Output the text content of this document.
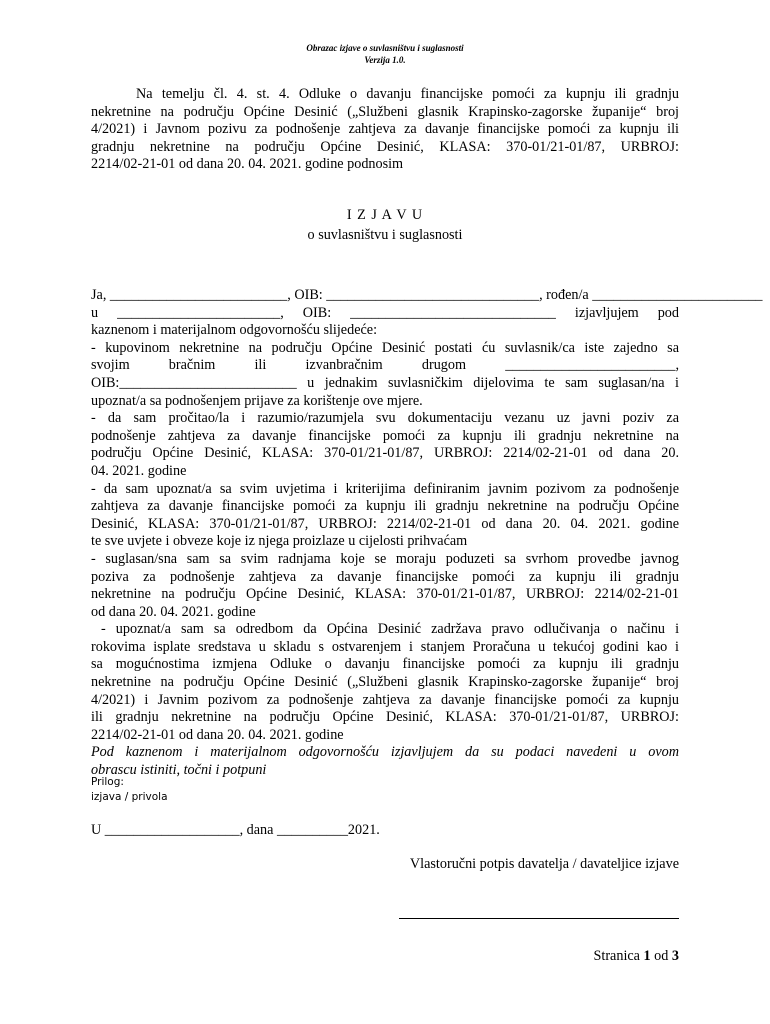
Obrazac izjave o suvlasništvu i suglasnosti
Verzija 1.0.
Na temelju čl. 4. st. 4. Odluke o davanju financijske pomoći za kupnju ili gradnju
nekretnine na području Općine Desinić („Službeni glasnik Krapinsko-zagorske županije“ broj
4/2021) i Javnom pozivu za podnošenje zahtjeva za davanje financijske pomoći za kupnju ili
gradnju nekretnine na području Općine Desinić, KLASA: 370-01/21-01/87, URBROJ:
2214/02-21-01 od dana 20. 04. 2021. godine podnosim
I Z J A V U
o suvlasništvu i suglasnosti
Ja, _________________________, OIB: ______________________________, rođen/a ________________________
u _______________________, OIB: _____________________________ izjavljujem pod
kaznenom i materijalnom odgovornošću slijedeće:
- kupovinom nekretnine na području Općine Desinić postati ću suvlasnik/ca iste zajedno sa
svojim bračnim ili izvanbračnim drugom ________________________,
OIB:_________________________ u jednakim suvlasničkim dijelovima te sam suglasan/na i
upoznat/a sa podnošenjem prijave za korištenje ove mjere.
- da sam pročitao/la i razumio/razumjela svu dokumentaciju vezanu uz javni poziv za
podnošenje zahtjeva za davanje financijske pomoći za kupnju ili gradnju nekretnine na
području Općine Desinić, KLASA: 370-01/21-01/87, URBROJ: 2214/02-21-01 od dana 20.
04. 2021. godine
- da sam upoznat/a sa svim uvjetima i kriterijima definiranim javnim pozivom za podnošenje
zahtjeva za davanje financijske pomoći za kupnju ili gradnju nekretnine na području Općine
Desinić, KLASA: 370-01/21-01/87, URBROJ: 2214/02-21-01 od dana 20. 04. 2021. godine
te sve uvjete i obveze koje iz njega proizlaze u cijelosti prihvaćam
- suglasan/sna sam sa svim radnjama koje se moraju poduzeti sa svrhom provedbe javnog
poziva za podnošenje zahtjeva za davanje financijske pomoći za kupnju ili gradnju
nekretnine na području Općine Desinić, KLASA: 370-01/21-01/87, URBROJ: 2214/02-21-01
od dana 20. 04. 2021. godine
- upoznat/a sam sa odredbom da Općina Desinić zadržava pravo odlučivanja o načinu i
rokovima isplate sredstava u skladu s ostvarenjem i stanjem Proračuna u tekućoj godini kao i
sa mogućnostima izmjena Odluke o davanju financijske pomoći za kupnju ili gradnju
nekretnine na području Općine Desinić („Službeni glasnik Krapinsko-zagorske županije“ broj
4/2021) i Javnim pozivom za podnošenje zahtjeva za davanje financijske pomoći za kupnju
ili gradnju nekretnine na području Općine Desinić, KLASA: 370-01/21-01/87, URBROJ:
2214/02-21-01 od dana 20. 04. 2021. godine
Pod kaznenom i materijalnom odgovornošću izjavljujem da su podaci navedeni u ovom
obrascu istiniti, točni i potpuni
Prilog:
izjava / privola
U ___________________, dana __________2021.
Vlastoručni potpis davatelja / davateljice izjave
Stranica 1 od 3
